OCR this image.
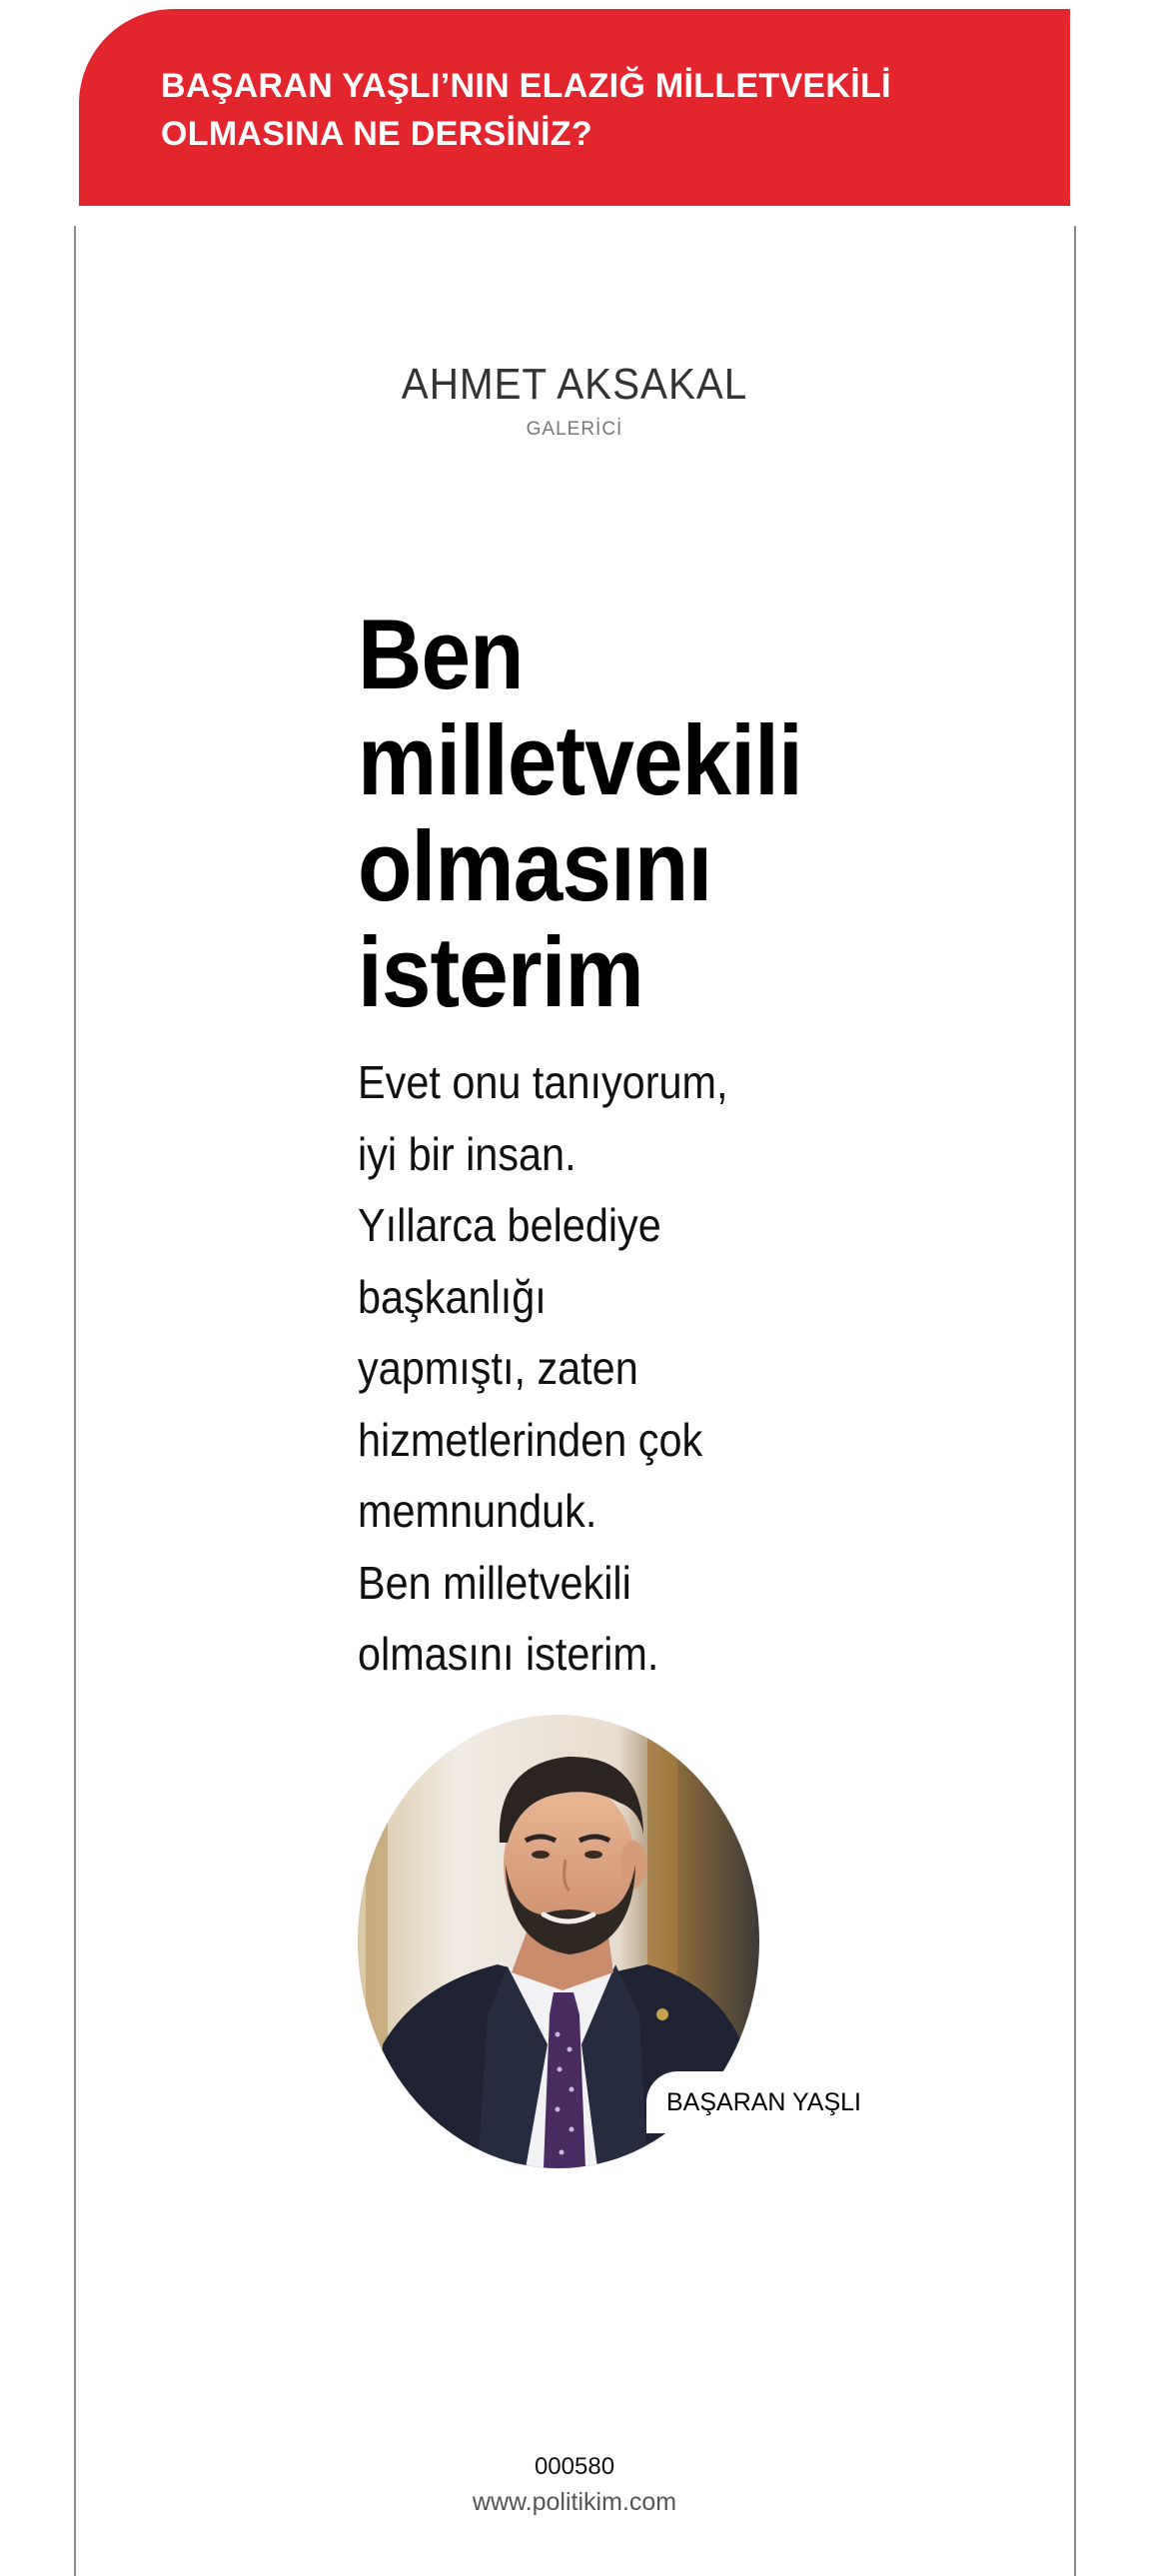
BAŞARAN YAŞLI’NIN ELAZIĞ MİLLETVEKİLİ OLMASINA NE DERSİNİZ?
AHMET AKSAKAL
GALERİCİ
Ben milletvekili olmasını isterim

Evet onu tanıyorum,
iyi bir insan.
Yıllarca belediye
başkanlığı
yapmıştı, zaten
hizmetlerinden çok
memnunduk.
Ben milletvekili
olmasını isterim.

BAŞARAN YAŞLI
000580
www.politikim.com
